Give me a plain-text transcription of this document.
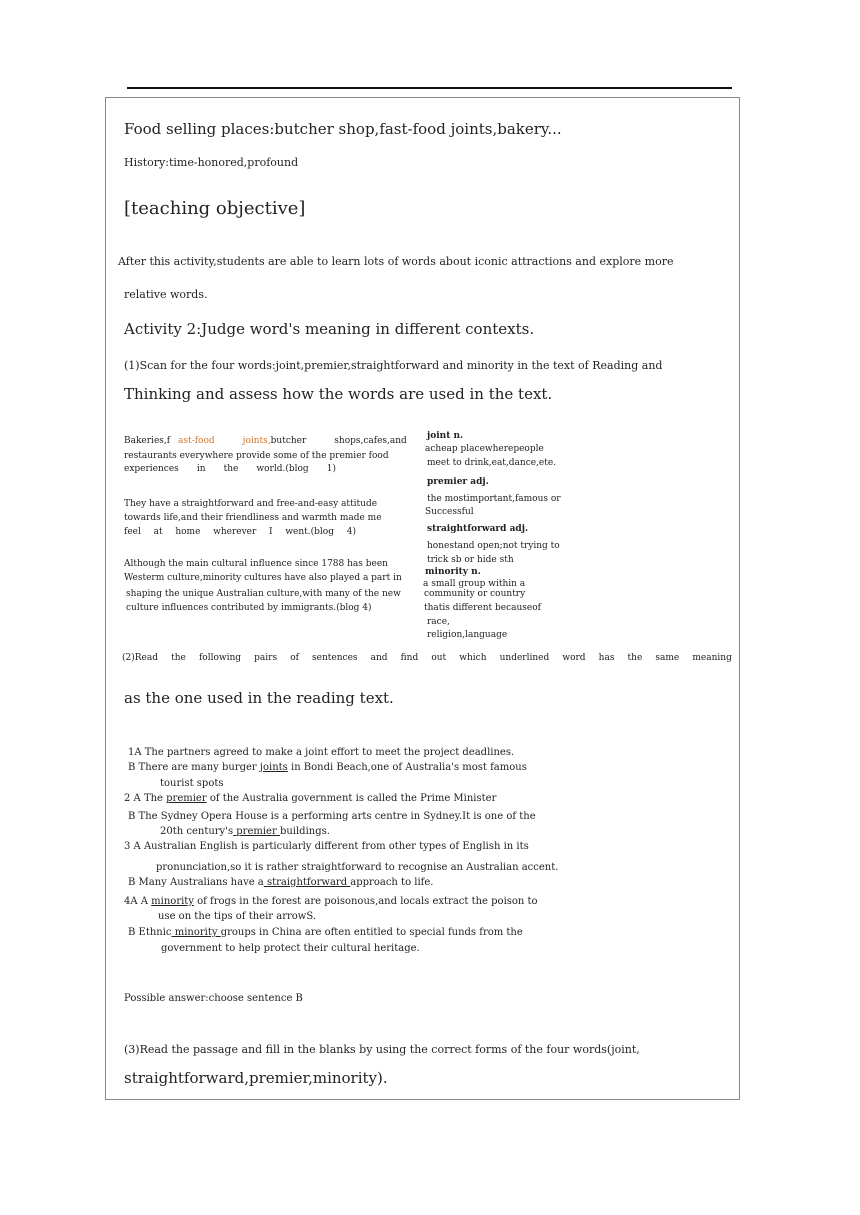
Food selling places:butcher shop,fast-food joints,bakery...
History:time-honored,profound
[teaching objective]
After this activity,students are able to learn lots of words about iconic attractions and explore more
relative words.
Activity 2:Judge word's meaning in different contexts.
(1)Scan for the four words:joint,premier,straightforward and minority in the text of Reading and
Thinking and assess how the words are used in the text.
Bakeries,f ast-food	joints,butcher	shops,cafes,and
restaurants everywhere provide some of the premier food
experiences in the world.(blog 1)
They have a straightforward and free-and-easy attitude
towards life,and their friendliness and warmth made me
feel at home wherever I went.(blog 4)
Although the main cultural influence since 1788 has been
Westerm culture,minority cultures have also played a part in
shaping the unique Australian culture,with many of the new
culture influences contributed by immigrants.(blog 4)
community or country
thatis different becauseof
joint n.
acheap placewherepeople
meet to drink,eat,dance,ete.
premier adj.
the mostimportant,famous or
Successful
straightforward adj.
honestand open;not trying to
trick sb or hide sth
minority n.
a small group within a
race,
religion,language
(2)Read the following pairs of sentences and find out which underlined word has the same meaning
as the one used in the reading text.
1A The partners agreed to make a joint effort to meet the project deadlines.
B There are many burger joints in Bondi Beach,one of Australia's most famous
tourist spots
2 A The premier of the Australia government is called the Prime Minister
B The Sydney Opera House is a performing arts centre in Sydney.It is one of the
20th century's premier buildings.
3 A Australian English is particularly different from other types of English in its
pronunciation,so it is rather straightforward to recognise an Australian accent.
B Many Australians have a straightforward approach to life.
4A A minority of frogs in the forest are poisonous,and locals extract the poison to
use on the tips of their arrowS.
B Ethnic minority groups in China are often entitled to special funds from the
government to help protect their cultural heritage.
Possible answer:choose sentence B
(3)Read the passage and fill in the blanks by using the correct forms of the four words(joint,
straightforward,premier,minority).
